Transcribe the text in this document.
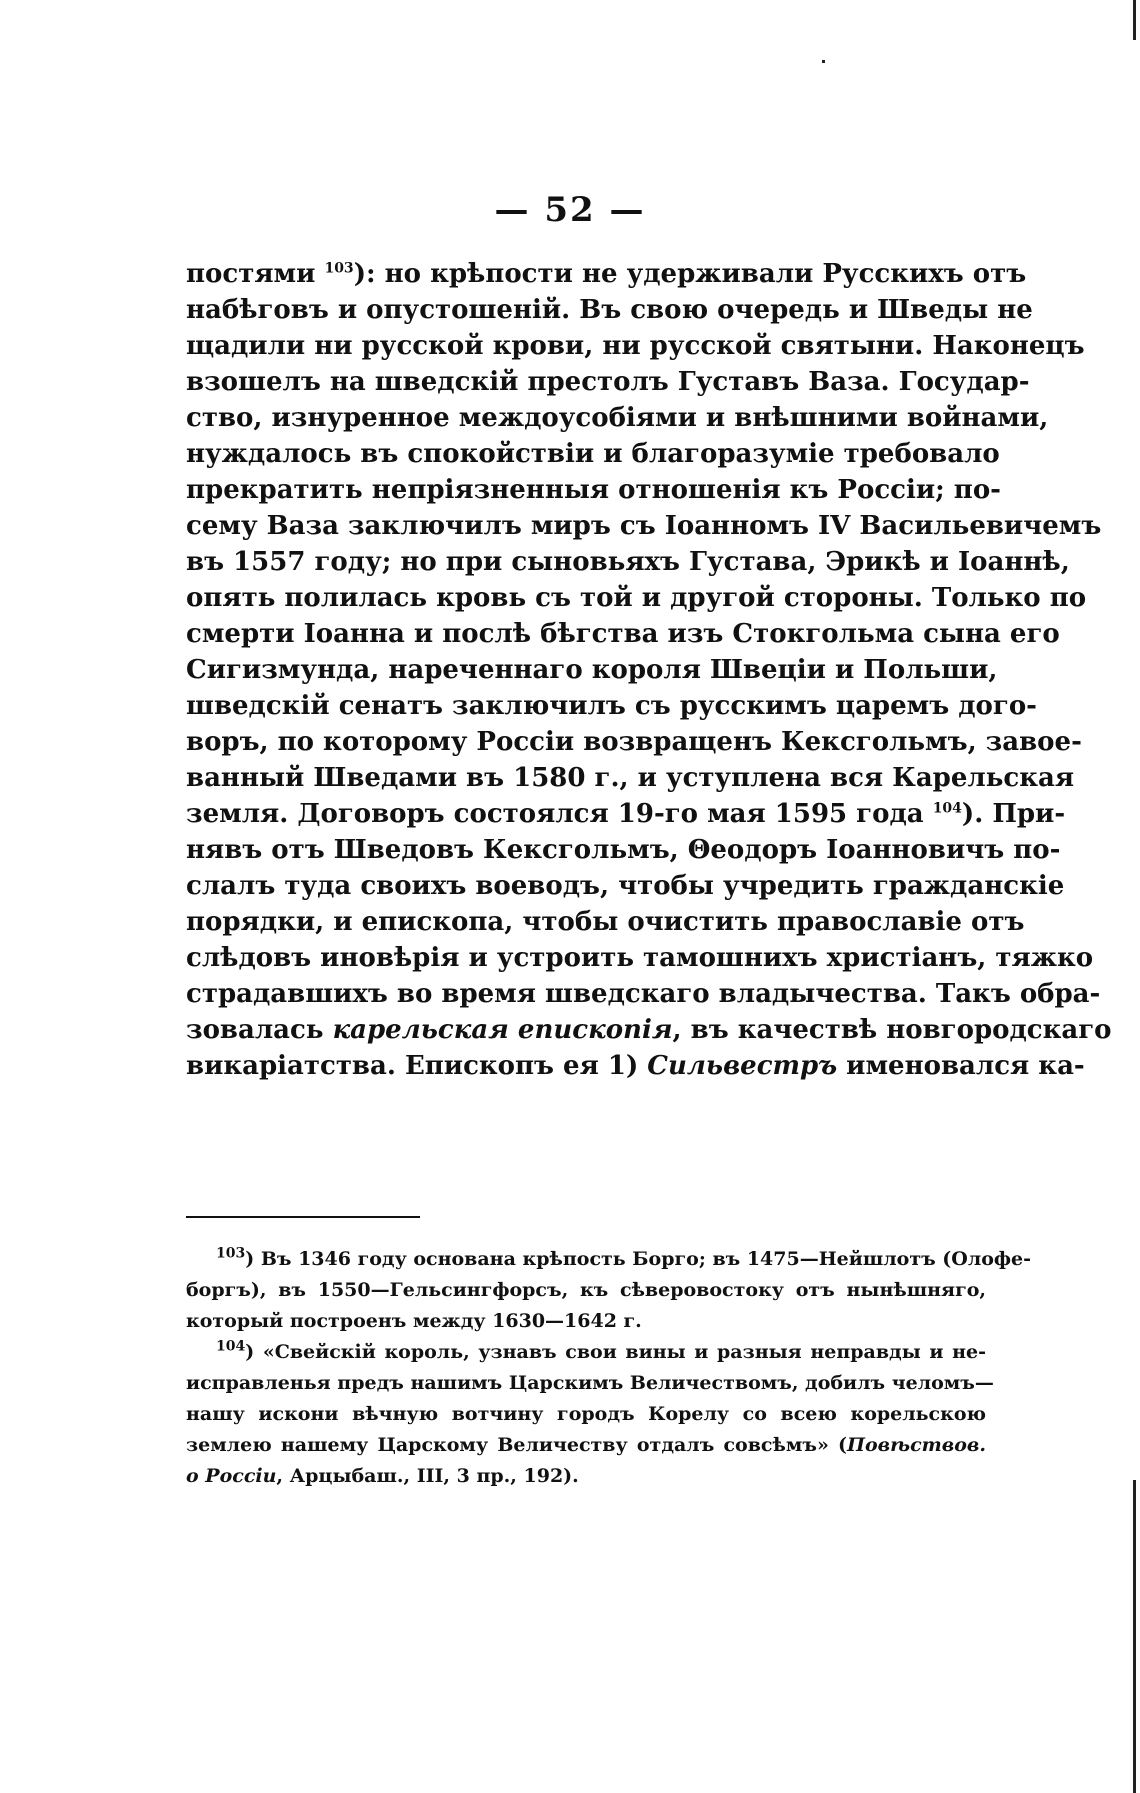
— 52 —
постями $^{103}$): но крѣпости не удерживали Русскихъ отъ
набѣговъ и опустошеній. Въ свою очередь и Шведы не
щадили ни русской крови, ни русской святыни. Наконецъ
взошелъ на шведскій престолъ Густавъ Ваза. Государ-
ство, изнуренное междоусобіями и внѣшними войнами,
нуждалось въ спокойствіи и благоразуміе требовало
прекратить непріязненныя отношенія къ Россіи; по-
сему Ваза заключилъ миръ съ Іоанномъ IV Васильевичемъ
въ 1557 году; но при сыновьяхъ Густава, Эрикѣ и Іоаннѣ,
опять полилась кровь съ той и другой стороны. Только по
смерти Іоанна и послѣ бѣгства изъ Стокгольма сына его
Сигизмунда, нареченнаго короля Швеціи и Польши,
шведскій сенатъ заключилъ съ русскимъ царемъ дого-
воръ, по которому Россіи возвращенъ Кексгольмъ, завое-
ванный Шведами въ 1580 г., и уступлена вся Карельская
земля. Договоръ состоялся 19-го мая 1595 года $^{104}$). При-
нявъ отъ Шведовъ Кексгольмъ, Θеодоръ Іоанновичъ по-
слалъ туда своихъ воеводъ, чтобы учредить гражданскіе
порядки, и епископа, чтобы очистить православіе отъ
слѣдовъ иновѣрія и устроить тамошнихъ христіанъ, тяжко
страдавшихъ во время шведскаго владычества. Такъ обра-
зовалась карельская епископія, въ качествѣ новгородскаго
викаріатства. Епископъ ея 1) Сильвестръ именовался ка-
$^{103}$) Въ 1346 году основана крѣпость Борго; въ 1475—Нейшлотъ (Олофе-
боргъ), въ 1550—Гельсингфорсъ, къ сѣверовостоку отъ нынѣшняго,
который построенъ между 1630—1642 г.
$^{104}$) «Свейскій король, узнавъ свои вины и разныя неправды и не-
исправленья предъ нашимъ Царскимъ Величествомъ, добилъ челомъ—
нашу искони вѣчную вотчину городъ Корелу со всею корельскою
землею нашему Царскому Величеству отдалъ совсѣмъ» (Повѣствов.
о Россіи, Арцыбаш., III, 3 пр., 192).
